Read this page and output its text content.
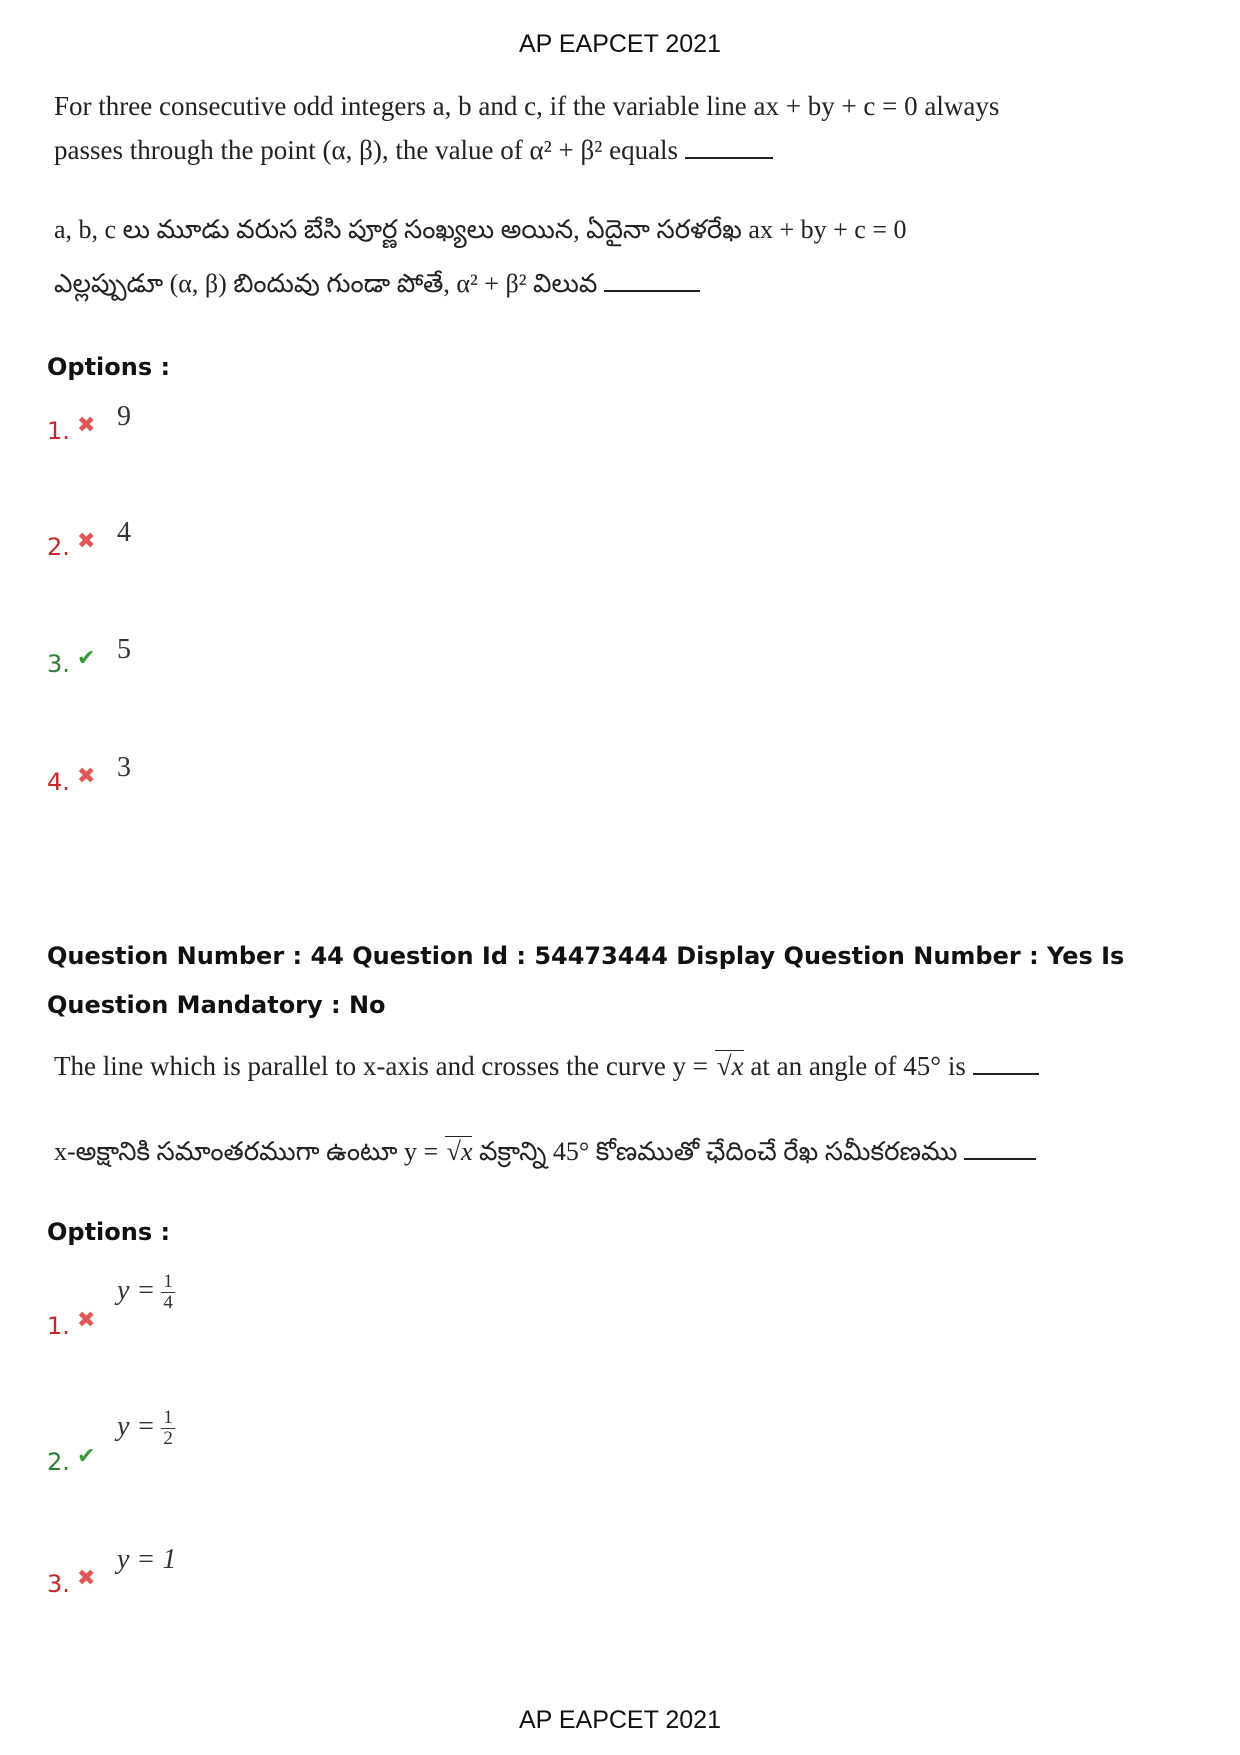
AP EAPCET 2021
For three consecutive odd integers a, b and c, if the variable line ax + by + c = 0 always
passes through the point (α, β), the value of α² + β² equals
a, b, c లు మూడు వరుస బేసి పూర్ణ సంఖ్యలు అయిన, ఏదైనా సరళరేఖ ax + by + c = 0
ఎల్లప్పుడూ (α, β) బిందువు గుండా పోతే, α² + β² విలువ
Options :
1. ✖ 9
2. ✖ 4
3. ✔ 5
4. ✖ 3
Question Number : 44 Question Id : 54473444 Display Question Number : Yes Is Question Mandatory : No
The line which is parallel to x-axis and crosses the curve y = √x at an angle of 45° is
x-అక్షానికి సమాంతరముగా ఉంటూ y = √x వక్రాన్ని 45° కోణముతో ఛేదించే రేఖ సమీకరణము
Options :
1. ✖
$y = \frac{1}{4}$
2. ✔
$y = \frac{1}{2}$
3. ✖
y = 1
AP EAPCET 2021
